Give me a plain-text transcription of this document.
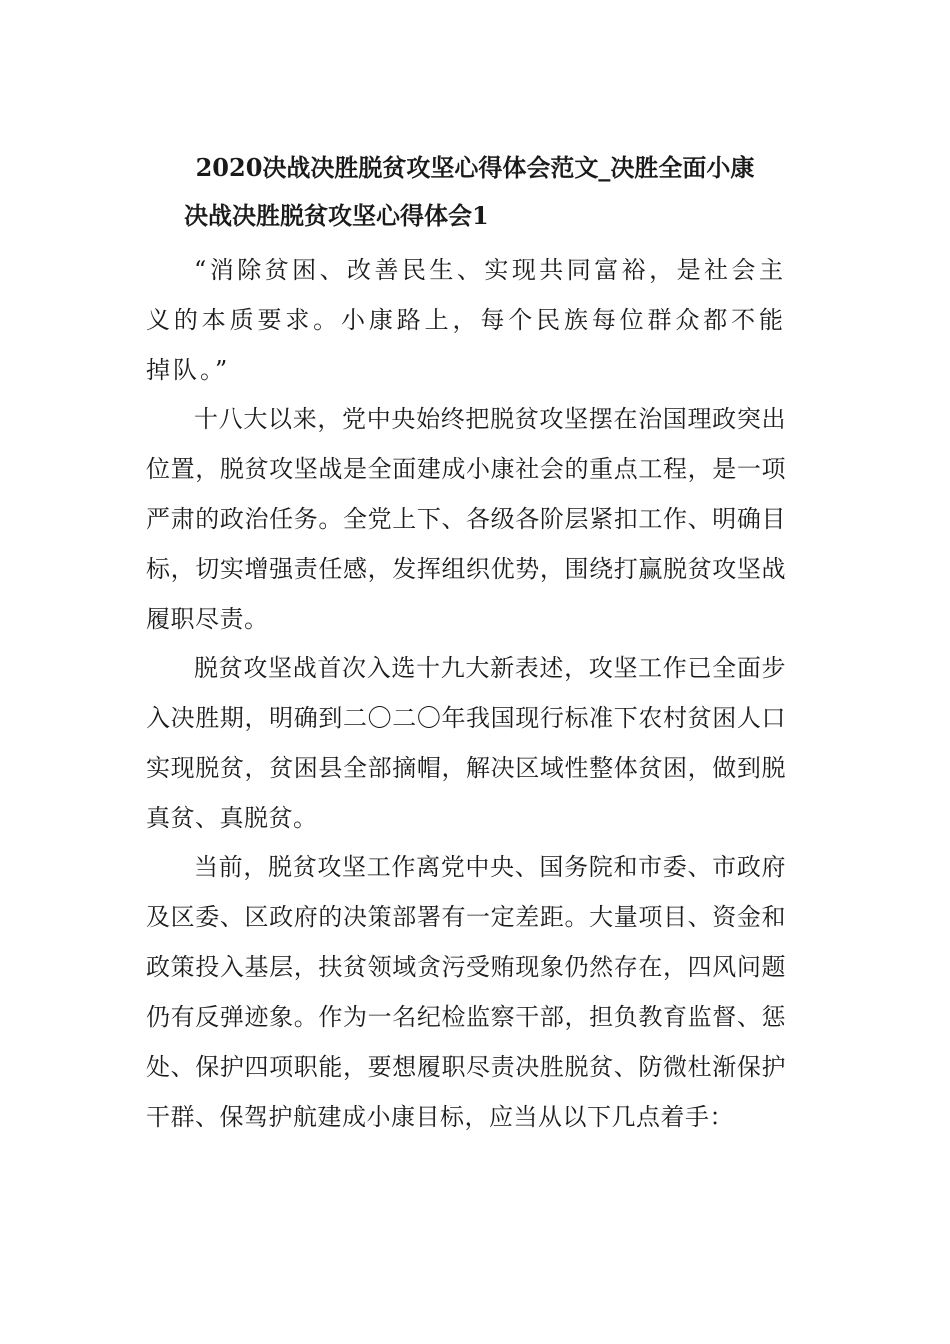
2020决战决胜脱贫攻坚心得体会范文_决胜全面小康
决战决胜脱贫攻坚心得体会1

“消除贫困、改善民生、实现共同富裕，是社会主义的本质要求。小康路上，每个民族每位群众都不能掉队。”

十八大以来，党中央始终把脱贫攻坚摆在治国理政突出位置，脱贫攻坚战是全面建成小康社会的重点工程，是一项严肃的政治任务。全党上下、各级各阶层紧扣工作、明确目标，切实增强责任感，发挥组织优势，围绕打赢脱贫攻坚战履职尽责。

脱贫攻坚战首次入选十九大新表述，攻坚工作已全面步入决胜期，明确到二〇二〇年我国现行标准下农村贫困人口实现脱贫，贫困县全部摘帽，解决区域性整体贫困，做到脱真贫、真脱贫。

当前，脱贫攻坚工作离党中央、国务院和市委、市政府及区委、区政府的决策部署有一定差距。大量项目、资金和政策投入基层，扶贫领域贪污受贿现象仍然存在，四风问题仍有反弹迹象。作为一名纪检监察干部，担负教育监督、惩处、保护四项职能，要想履职尽责决胜脱贫、防微杜渐保护干群、保驾护航建成小康目标，应当从以下几点着手：
